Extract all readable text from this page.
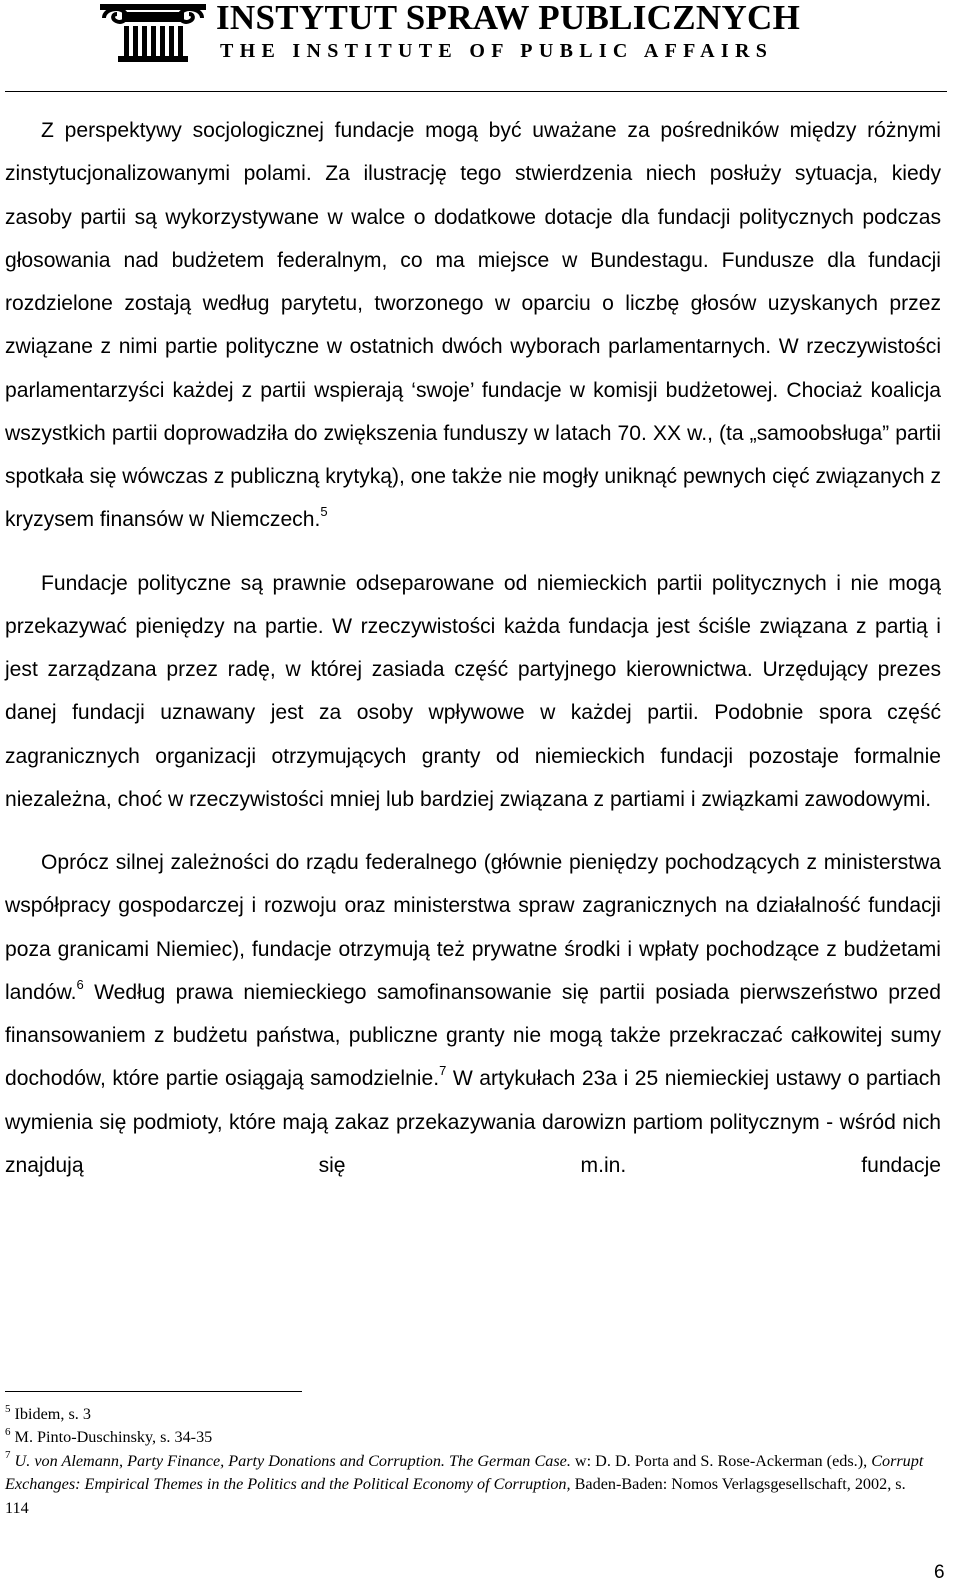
INSTYTUT SPRAW PUBLICZNYCH
THE INSTITUTE OF PUBLIC AFFAIRS

Z perspektywy socjologicznej fundacje mogą być uważane za pośredników między różnymi zinstytucjonalizowanymi polami. Za ilustrację tego stwierdzenia niech posłuży sytuacja, kiedy zasoby partii są wykorzystywane w walce o dodatkowe dotacje dla fundacji politycznych podczas głosowania nad budżetem federalnym, co ma miejsce w Bundestagu. Fundusze dla fundacji rozdzielone zostają według parytetu, tworzonego w oparciu o liczbę głosów uzyskanych przez związane z nimi partie polityczne w ostatnich dwóch wyborach parlamentarnych. W rzeczywistości parlamentarzyści każdej z partii wspierają ‘swoje’ fundacje w komisji budżetowej. Chociaż koalicja wszystkich partii doprowadziła do zwiększenia funduszy w latach 70. XX w., (ta „samoobsługa” partii spotkała się wówczas z publiczną krytyką), one także nie mogły uniknąć pewnych cięć związanych z kryzysem finansów w Niemczech.$^5$

Fundacje polityczne są prawnie odseparowane od niemieckich partii politycznych i nie mogą przekazywać pieniędzy na partie. W rzeczywistości każda fundacja jest ściśle związana z partią i jest zarządzana przez radę, w której zasiada część partyjnego kierownictwa. Urzędujący prezes danej fundacji uznawany jest za osoby wpływowe w każdej partii. Podobnie spora część zagranicznych organizacji otrzymujących granty od niemieckich fundacji pozostaje formalnie niezależna, choć w rzeczywistości mniej lub bardziej związana z partiami i związkami zawodowymi.

Oprócz silnej zależności do rządu federalnego (głównie pieniędzy pochodzących z ministerstwa współpracy gospodarczej i rozwoju oraz ministerstwa spraw zagranicznych na działalność fundacji poza granicami Niemiec), fundacje otrzymują też prywatne środki i wpłaty pochodzące z budżetami landów.$^6$ Według prawa niemieckiego samofinansowanie się partii posiada pierwszeństwo przed finansowaniem z budżetu państwa, publiczne granty nie mogą także przekraczać całkowitej sumy dochodów, które partie osiągają samodzielnie.$^7$ W artykułach 23a i 25 niemieckiej ustawy o partiach wymienia się podmioty, które mają zakaz przekazywania darowizn partiom politycznym - wśród nich znajdują się m.in. fundacje

$^5$ Ibidem, s. 3

$^6$ M. Pinto-Duschinsky, s. 34-35

$^7$ U. von Alemann, Party Finance, Party Donations and Corruption. The German Case. w: D. D. Porta and S. Rose-Ackerman (eds.), Corrupt Exchanges: Empirical Themes in the Politics and the Political Economy of Corruption, Baden-Baden: Nomos Verlagsgesellschaft, 2002, s. 114

6
